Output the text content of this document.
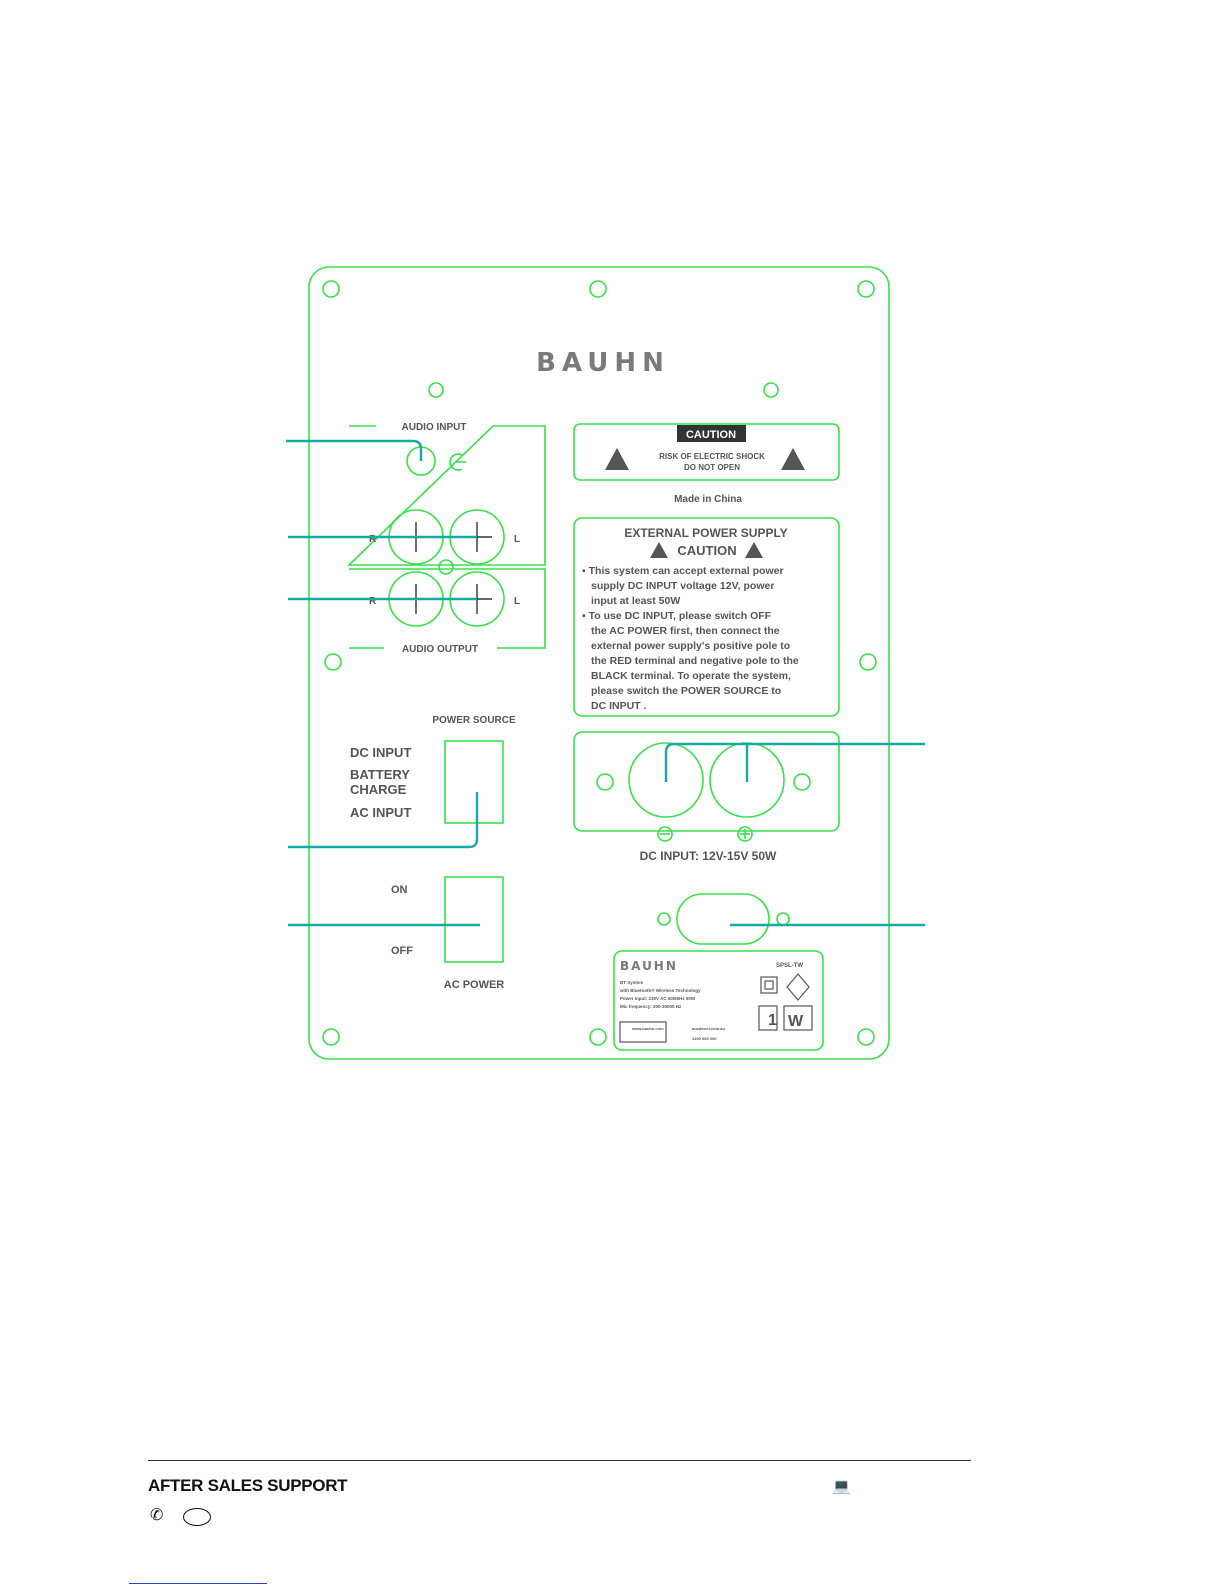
CAUTION
RISK OF ELECTRIC SHOCK
DO NOT OPEN
Made in China
BAUHN
AUDIO INPUT
AUDIO OUTPUT
R	L
R	L
EXTERNAL POWER SUPPLY
CAUTION
▪ This system can accept external power
supply DC INPUT voltage 12V, power
input at least 50W
▪ To use DC INPUT, please switch OFF
the AC POWER first, then connect the
external power supply's positive pole to
the RED terminal and negative pole to the
BLACK terminal. To operate the system,
please switch the POWER SOURCE to
DC INPUT .
POWER SOURCE
DC INPUT
BATTERY
CHARGE
AC INPUT
ON
OFF
AC POWER
DC INPUT: 12V-15V 50W
BAUHN	SPSL-TW
BT System
with Bluetooth® Wireless Technology
Power Input: 230V AC 50/60Hz 50W
Mic frequency: 200-30000 Hz
1 W
www.bauhn.com	ausdirect.com.au
1300 000 000
AFTER SALES SUPPORT
✆
💻
